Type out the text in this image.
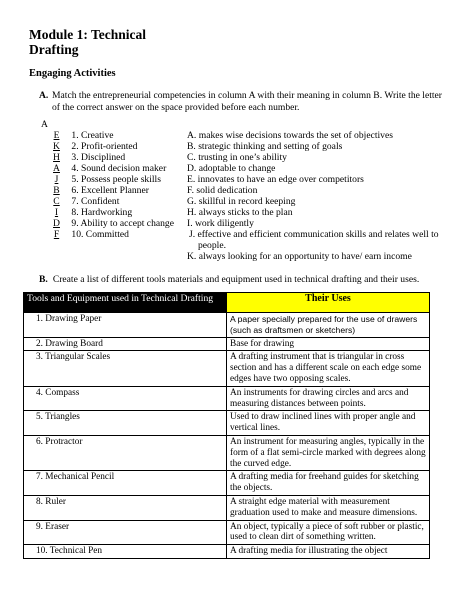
Module 1: Technical
Drafting
Engaging Activities
A. Match the entrepreneurial competencies in column A with their meaning in column B. Write the letter of the correct answer on the space provided before each number.
A
E 1. Creative
K 2. Profit-oriented
H 3. Disciplined
A 4. Sound decision maker
J 5. Possess people skills
B 6. Excellent Planner
C 7. Confident
I 8. Hardworking
D 9. Ability to accept change
F 10. Committed
A. makes wise decisions towards the set of objectives
B. strategic thinking and setting of goals
C. trusting in one’s ability
D. adoptable to change
E. innovates to have an edge over competitors
F. solid dedication
G. skillful in record keeping
H. always sticks to the plan
I. work diligently
J. effective and efficient communication skills and relates well to
people.
K. always looking for an opportunity to have/ earn income
B. Create a list of different tools materials and equipment used in technical drafting and their uses.
Tools and Equipment used in Technical Drafting	Their Uses
1. Drawing Paper	A paper specially prepared for the use of drawers (such as draftsmen or sketchers)
2. Drawing Board	Base for drawing
3. Triangular Scales	A drafting instrument that is triangular in cross section and has a different scale on each edge some edges have two opposing scales.
4. Compass	An instruments for drawing circles and arcs and measuring distances between points.
5. Triangles	Used to draw inclined lines with proper angle and vertical lines.
6. Protractor	An instrument for measuring angles, typically in the form of a flat semi-circle marked with degrees along the curved edge.
7. Mechanical Pencil	A drafting media for freehand guides for sketching the objects.
8. Ruler	A straight edge material with measurement graduation used to make and measure dimensions.
9. Eraser	An object, typically a piece of soft rubber or plastic, used to clean dirt of something written.
10. Technical Pen	A drafting media for illustrating the object
